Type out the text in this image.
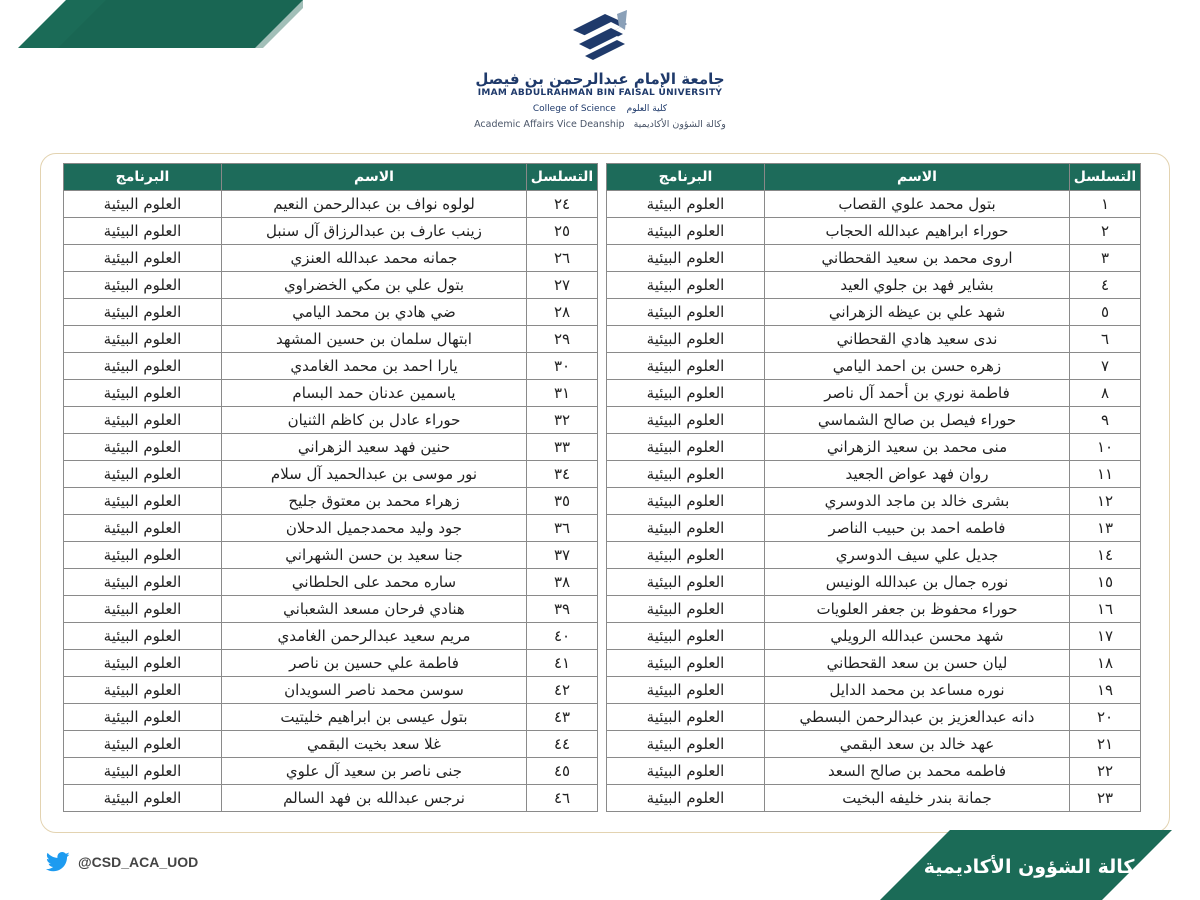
جامعة الإمام عبدالرحمن بن فيصل
IMAM ABDULRAHMAN BIN FAISAL UNIVERSITY
College of Science كلية العلوم
Academic Affairs Vice Deanship وكالة الشؤون الأكاديمية
التسلسل	الاسم	البرنامج
١	بتول محمد علوي القصاب	العلوم البيئية
٢	حوراء ابراهيم عبدالله الحجاب	العلوم البيئية
٣	اروى محمد بن سعيد القحطاني	العلوم البيئية
٤	بشاير فهد بن جلوي العيد	العلوم البيئية
٥	شهد علي بن عيظه الزهراني	العلوم البيئية
٦	ندى سعيد هادي القحطاني	العلوم البيئية
٧	زهره حسن بن احمد اليامي	العلوم البيئية
٨	فاطمة نوري بن أحمد آل ناصر	العلوم البيئية
٩	حوراء فيصل بن صالح الشماسي	العلوم البيئية
١٠	منى محمد بن سعيد الزهراني	العلوم البيئية
١١	روان فهد عواض الجعيد	العلوم البيئية
١٢	بشرى خالد بن ماجد الدوسري	العلوم البيئية
١٣	فاطمه احمد بن حبيب الناصر	العلوم البيئية
١٤	جديل علي سيف الدوسري	العلوم البيئية
١٥	نوره جمال بن عبدالله الونيس	العلوم البيئية
١٦	حوراء محفوظ بن جعفر العلويات	العلوم البيئية
١٧	شهد محسن عبدالله الرويلي	العلوم البيئية
١٨	ليان حسن بن سعد القحطاني	العلوم البيئية
١٩	نوره مساعد بن محمد الدايل	العلوم البيئية
٢٠	دانه عبدالعزيز بن عبدالرحمن البسطي	العلوم البيئية
٢١	عهد خالد بن سعد البقمي	العلوم البيئية
٢٢	فاطمه محمد بن صالح السعد	العلوم البيئية
٢٣	جمانة بندر خليفه البخيت	العلوم البيئية
التسلسل	الاسم	البرنامج
٢٤	لولوه نواف بن عبدالرحمن النعيم	العلوم البيئية
٢٥	زينب عارف بن عبدالرزاق آل سنبل	العلوم البيئية
٢٦	جمانه محمد عبدالله العنزي	العلوم البيئية
٢٧	بتول علي بن مكي الخضراوي	العلوم البيئية
٢٨	ضي هادي بن محمد اليامي	العلوم البيئية
٢٩	ابتهال سلمان بن حسين المشهد	العلوم البيئية
٣٠	يارا احمد بن محمد الغامدي	العلوم البيئية
٣١	ياسمين عدنان حمد البسام	العلوم البيئية
٣٢	حوراء عادل بن كاظم الثنيان	العلوم البيئية
٣٣	حنين فهد سعيد الزهراني	العلوم البيئية
٣٤	نور موسى بن عبدالحميد آل سلام	العلوم البيئية
٣٥	زهراء محمد بن معتوق جليح	العلوم البيئية
٣٦	جود وليد محمدجميل الدحلان	العلوم البيئية
٣٧	جنا سعيد بن حسن الشهراني	العلوم البيئية
٣٨	ساره محمد على الحلطاني	العلوم البيئية
٣٩	هنادي فرحان مسعد الشعباني	العلوم البيئية
٤٠	مريم سعيد عبدالرحمن الغامدي	العلوم البيئية
٤١	فاطمة علي حسين بن ناصر	العلوم البيئية
٤٢	سوسن محمد ناصر السويدان	العلوم البيئية
٤٣	بتول عيسى بن ابراهيم خليتيت	العلوم البيئية
٤٤	غلا سعد بخيت البقمي	العلوم البيئية
٤٥	جنى ناصر بن سعيد آل علوي	العلوم البيئية
٤٦	نرجس عبدالله بن فهد السالم	العلوم البيئية
@CSD_ACA_UOD	وكالة الشؤون الأكاديمية
